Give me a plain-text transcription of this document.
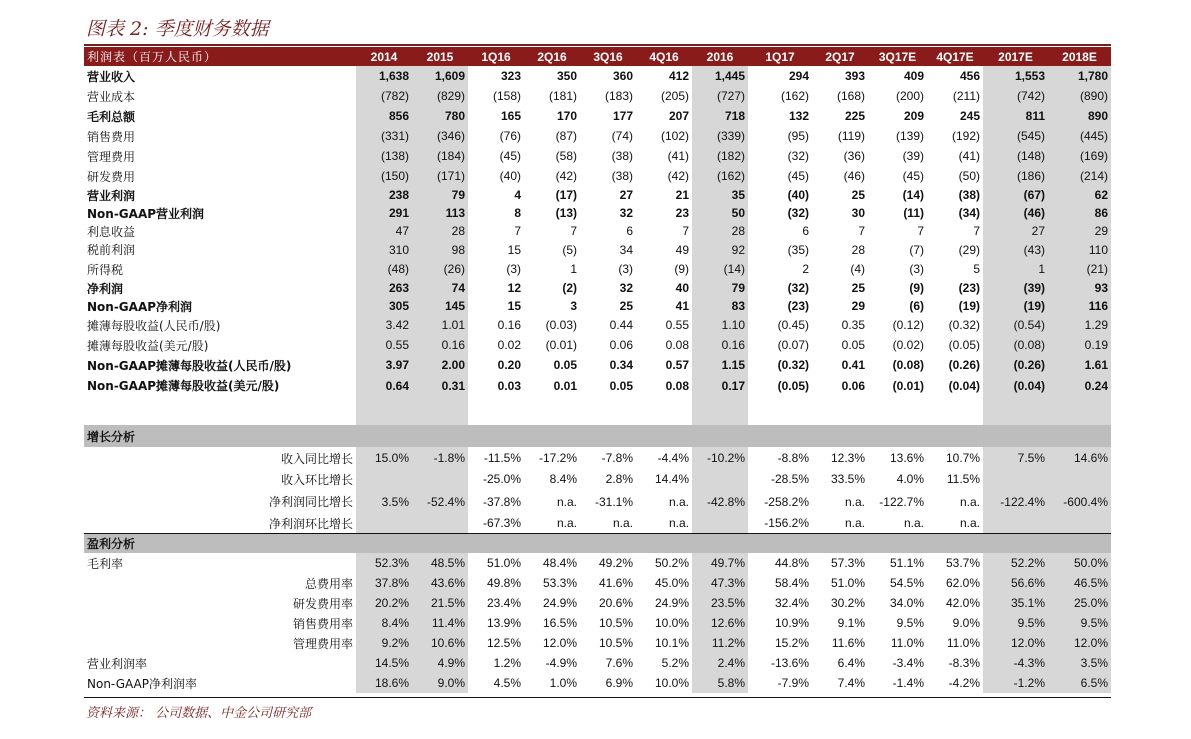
图表 2: 季度财务数据
利润表（百万人民币）	2014	2015	1Q16	2Q16	3Q16	4Q16	2016	1Q17	2Q17	3Q17E	4Q17E	2017E	2018E
营业收入	1,638	1,609	323	350	360	412	1,445	294	393	409	456	1,553	1,780
营业成本	(782)	(829)	(158)	(181)	(183)	(205)	(727)	(162)	(168)	(200)	(211)	(742)	(890)
毛利总额	856	780	165	170	177	207	718	132	225	209	245	811	890
销售费用	(331)	(346)	(76)	(87)	(74)	(102)	(339)	(95)	(119)	(139)	(192)	(545)	(445)
管理费用	(138)	(184)	(45)	(58)	(38)	(41)	(182)	(32)	(36)	(39)	(41)	(148)	(169)
研发费用	(150)	(171)	(40)	(42)	(38)	(42)	(162)	(45)	(46)	(45)	(50)	(186)	(214)
营业利润	238	79	4	(17)	27	21	35	(40)	25	(14)	(38)	(67)	62
Non-GAAP营业利润	291	113	8	(13)	32	23	50	(32)	30	(11)	(34)	(46)	86
利息收益	47	28	7	7	6	7	28	6	7	7	7	27	29
税前利润	310	98	15	(5)	34	49	92	(35)	28	(7)	(29)	(43)	110
所得税	(48)	(26)	(3)	1	(3)	(9)	(14)	2	(4)	(3)	5	1	(21)
净利润	263	74	12	(2)	32	40	79	(32)	25	(9)	(23)	(39)	93
Non-GAAP净利润	305	145	15	3	25	41	83	(23)	29	(6)	(19)	(19)	116
摊薄每股收益(人民币/股)	3.42	1.01	0.16	(0.03)	0.44	0.55	1.10	(0.45)	0.35	(0.12)	(0.32)	(0.54)	1.29
摊薄每股收益(美元/股)	0.55	0.16	0.02	(0.01)	0.06	0.08	0.16	(0.07)	0.05	(0.02)	(0.05)	(0.08)	0.19
Non-GAAP摊薄每股收益(人民币/股)	3.97	2.00	0.20	0.05	0.34	0.57	1.15	(0.32)	0.41	(0.08)	(0.26)	(0.26)	1.61
Non-GAAP摊薄每股收益(美元/股)	0.64	0.31	0.03	0.01	0.05	0.08	0.17	(0.05)	0.06	(0.01)	(0.04)	(0.04)	0.24

增长分析													
收入同比增长	15.0%	-1.8%	-11.5%	-17.2%	-7.8%	-4.4%	-10.2%	-8.8%	12.3%	13.6%	10.7%	7.5%	14.6%
收入环比增长			-25.0%	8.4%	2.8%	14.4%		-28.5%	33.5%	4.0%	11.5%		
净利润同比增长	3.5%	-52.4%	-37.8%	n.a.	-31.1%	n.a.	-42.8%	-258.2%	n.a.	-122.7%	n.a.	-122.4%	-600.4%
净利润环比增长			-67.3%	n.a.	n.a.	n.a.		-156.2%	n.a.	n.a.	n.a.		
盈利分析													
毛利率	52.3%	48.5%	51.0%	48.4%	49.2%	50.2%	49.7%	44.8%	57.3%	51.1%	53.7%	52.2%	50.0%
总费用率	37.8%	43.6%	49.8%	53.3%	41.6%	45.0%	47.3%	58.4%	51.0%	54.5%	62.0%	56.6%	46.5%
研发费用率	20.2%	21.5%	23.4%	24.9%	20.6%	24.9%	23.5%	32.4%	30.2%	34.0%	42.0%	35.1%	25.0%
销售费用率	8.4%	11.4%	13.9%	16.5%	10.5%	10.0%	12.6%	10.9%	9.1%	9.5%	9.0%	9.5%	9.5%
管理费用率	9.2%	10.6%	12.5%	12.0%	10.5%	10.1%	11.2%	15.2%	11.6%	11.0%	11.0%	12.0%	12.0%
营业利润率	14.5%	4.9%	1.2%	-4.9%	7.6%	5.2%	2.4%	-13.6%	6.4%	-3.4%	-8.3%	-4.3%	3.5%
Non-GAAP净利润率	18.6%	9.0%	4.5%	1.0%	6.9%	10.0%	5.8%	-7.9%	7.4%	-1.4%	-4.2%	-1.2%	6.5%
资料来源： 公司数据、中金公司研究部
